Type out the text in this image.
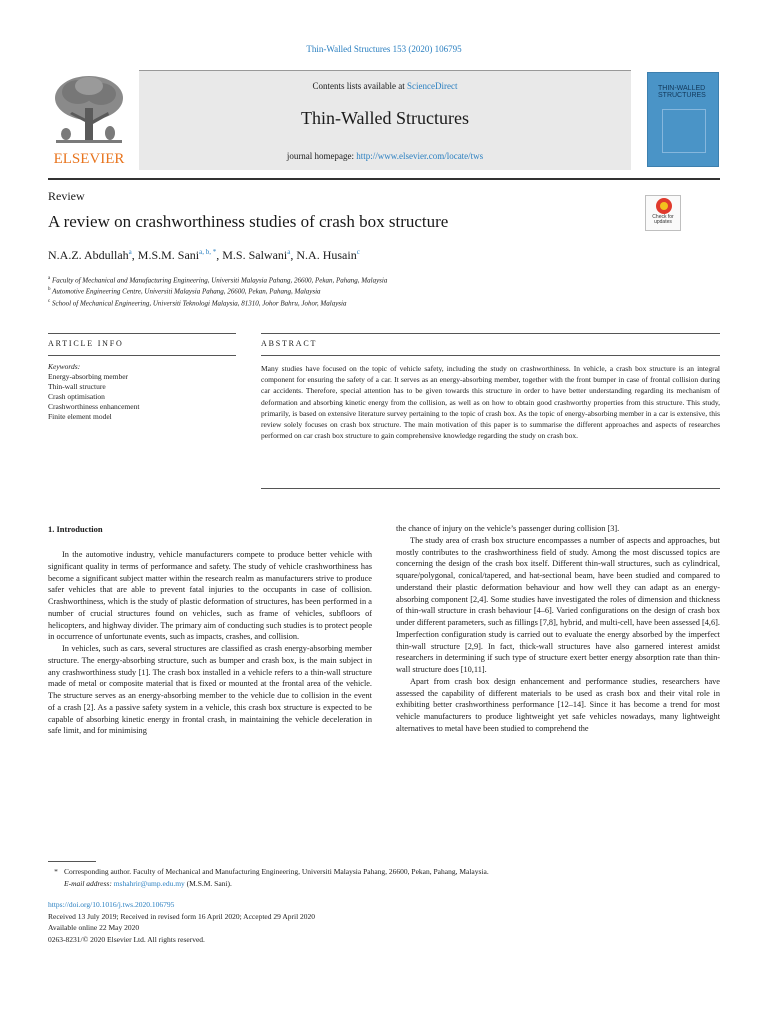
Thin-Walled Structures 153 (2020) 106795
ELSEVIER
Contents lists available at ScienceDirect
Thin-Walled Structures
journal homepage: http://www.elsevier.com/locate/tws
THIN-WALLED STRUCTURES
Review
A review on crashworthiness studies of crash box structure	Check for
updates
N.A.Z. Abdullah$^a$, M.S.M. Sani$^{a, b, *}$, M.S. Salwani$^a$, N.A. Husain$^c$
$^a$ Faculty of Mechanical and Manufacturing Engineering, Universiti Malaysia Pahang, 26600, Pekan, Pahang, Malaysia
$^b$ Automotive Engineering Centre, Universiti Malaysia Pahang, 26600, Pekan, Pahang, Malaysia
$^c$ School of Mechanical Engineering, Universiti Teknologi Malaysia, 81310, Johor Bahru, Johor, Malaysia
ARTICLE INFO	ABSTRACT
Keywords:
Energy-absorbing member
Thin-wall structure
Crash optimisation
Crashworthiness enhancement
Finite element model
Many studies have focused on the topic of vehicle safety, including the study on crashworthiness. In vehicle, a crash box structure is an integral component for ensuring the safety of a car. It serves as an energy-absorbing member, together with the front bumper in case of frontal collision during car accidents. Therefore, special attention has to be given towards this structure in order to have better understanding regarding its mechanism of deformation and absorbing kinetic energy from the collision, as well as on how to obtain good crashworthy properties from this structure. This study, primarily, is based on extensive literature survey pertaining to the topic of crash box. As the topic of energy-absorbing member in a car is extensive, this review solely focuses on crash box structure. The main motivation of this paper is to summarise the different approaches and aspects of researches performed on car crash box structure to gain comprehensive knowledge regarding the study on crash box.
1. Introduction

In the automotive industry, vehicle manufacturers compete to produce better vehicle with significant quality in terms of performance and safety. The study of vehicle crashworthiness has become a significant subject matter within the research realm as manufacturers strive to produce safer vehicles that are able to prevent fatal injuries to the occupants in case of collision. Crashworthiness, which is the study of plastic deformation of structures, has been performed in a number of crucial structures found on vehicles, such as frame of vehicles, subfloors of helicopters, and highway divider. The primary aim of conducting such studies is to protect people in occurrence of unfortunate events, such as impacts, crashes, and collision.

In vehicles, such as cars, several structures are classified as crash energy-absorbing member structure. The energy-absorbing structure, such as bumper and crash box, is the main subject in any crashworthiness study [1]. The crash box installed in a vehicle refers to a thin-wall structure made of metal or composite material that is fixed or mounted at the frontal area of the vehicle. The structure serves as an energy-absorbing member to the vehicle due to collision in the event of a crash [2]. As a passive safety system in a vehicle, this crash box structure is expected to be capable of absorbing kinetic energy in frontal crash, in maintaining the vehicle deceleration in safe limit, and for minimising

the chance of injury on the vehicle’s passenger during collision [3].

The study area of crash box structure encompasses a number of aspects and approaches, but mostly contributes to the crashworthiness field of study. Among the most discussed topics are concerning the design of the crash box itself. Different thin-wall structures, such as cylindrical, square/polygonal, conical/tapered, and hat-sectional beam, have been studied and compared to understand their plastic deformation behaviour and how well they can adapt as an energy-absorbing component [2,4]. Some studies have investigated the roles of dimension and thickness of thin-wall structure in crash behaviour [4–6]. Varied configurations on the design of crash box under different parameters, such as fillings [7,8], hybrid, and multi-cell, have been assessed [4,6]. Imperfection configuration study is carried out to evaluate the energy absorbed by the imperfect thin-wall structure [2,9]. In fact, thick-wall structures have also garnered interest amidst researchers in determining if such type of structure exert better energy absorption rate than thin-wall structure does [10,11].

Apart from crash box design enhancement and performance studies, researchers have assessed the capability of different materials to be used as crash box and their vital role in exhibiting better crashworthiness performance [12–14]. Since it has become a trend for most vehicle manufacturers to produce lightweight yet safe vehicles nowadays, many lightweight alternatives to metal have been studied to comprehend the

* Corresponding author. Faculty of Mechanical and Manufacturing Engineering, Universiti Malaysia Pahang, 26600, Pekan, Pahang, Malaysia.
E-mail address: mshahrir@ump.edu.my (M.S.M. Sani).
https://doi.org/10.1016/j.tws.2020.106795
Received 13 July 2019; Received in revised form 16 April 2020; Accepted 29 April 2020
Available online 22 May 2020
0263-8231/© 2020 Elsevier Ltd. All rights reserved.
